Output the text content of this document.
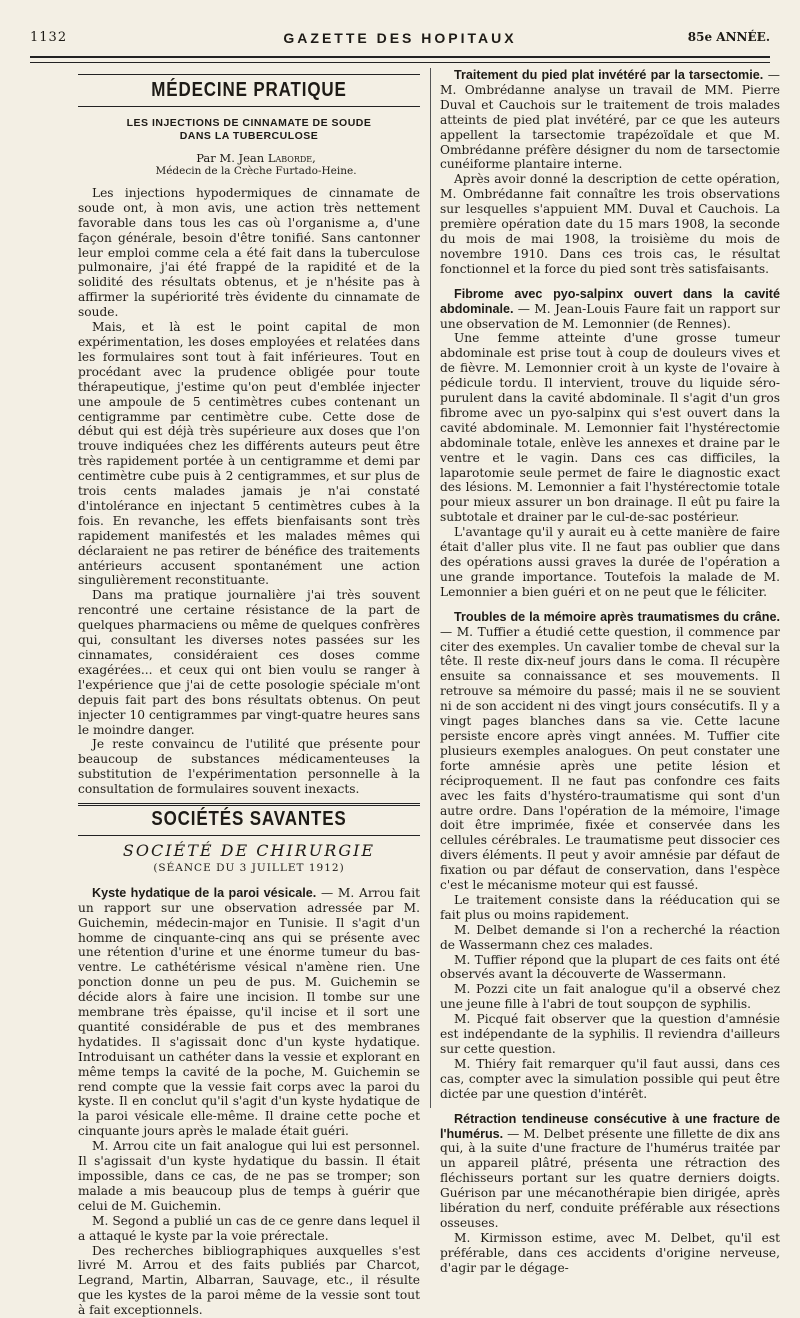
1132	GAZETTE DES HOPITAUX	85e ANNÉE.
MÉDECINE PRATIQUE
LES INJECTIONS DE CINNAMATE DE SOUDE
DANS LA TUBERCULOSE

Par M. Jean Laborde,

Médecin de la Crèche Furtado-Heine.

Les injections hypodermiques de cinnamate de soude ont, à mon avis, une action très nettement favorable dans tous les cas où l'organisme a, d'une façon générale, besoin d'être tonifié. Sans cantonner leur emploi comme cela a été fait dans la tuberculose pulmonaire, j'ai été frappé de la rapidité et de la solidité des résultats obtenus, et je n'hésite pas à affirmer la supériorité très évidente du cinnamate de soude.

Mais, et là est le point capital de mon expérimentation, les doses employées et relatées dans les formulaires sont tout à fait inférieures. Tout en procédant avec la prudence obligée pour toute thérapeutique, j'estime qu'on peut d'emblée injecter une ampoule de 5 centimètres cubes contenant un centigramme par centimètre cube. Cette dose de début qui est déjà très supérieure aux doses que l'on trouve indiquées chez les différents auteurs peut être très rapidement portée à un centigramme et demi par centimètre cube puis à 2 centigrammes, et sur plus de trois cents malades jamais je n'ai constaté d'intolérance en injectant 5 centimètres cubes à la fois. En revanche, les effets bienfaisants sont très rapidement manifestés et les malades mêmes qui déclaraient ne pas retirer de bénéfice des traitements antérieurs accusent spontanément une action singulièrement reconstituante.

Dans ma pratique journalière j'ai très souvent rencontré une certaine résistance de la part de quelques pharmaciens ou même de quelques confrères qui, consultant les diverses notes passées sur les cinnamates, considéraient ces doses comme exagérées... et ceux qui ont bien voulu se ranger à l'expérience que j'ai de cette posologie spéciale m'ont depuis fait part des bons résultats obtenus. On peut injecter 10 centigrammes par vingt-quatre heures sans le moindre danger.

Je reste convaincu de l'utilité que présente pour beaucoup de substances médicamenteuses la substitution de l'expérimentation personnelle à la consultation de formulaires souvent inexacts.

SOCIÉTÉS SAVANTES
SOCIÉTÉ DE CHIRURGIE
(SÉANCE DU 3 JUILLET 1912)

Kyste hydatique de la paroi vésicale. — M. Arrou fait un rapport sur une observation adressée par M. Guichemin, médecin-major en Tunisie. Il s'agit d'un homme de cinquante-cinq ans qui se présente avec une rétention d'urine et une énorme tumeur du bas-ventre. Le cathétérisme vésical n'amène rien. Une ponction donne un peu de pus. M. Guichemin se décide alors à faire une incision. Il tombe sur une membrane très épaisse, qu'il incise et il sort une quantité considérable de pus et des membranes hydatides. Il s'agissait donc d'un kyste hydatique. Introduisant un cathéter dans la vessie et explorant en même temps la cavité de la poche, M. Guichemin se rend compte que la vessie fait corps avec la paroi du kyste. Il en conclut qu'il s'agit d'un kyste hydatique de la paroi vésicale elle-même. Il draine cette poche et cinquante jours après le malade était guéri.

M. Arrou cite un fait analogue qui lui est personnel. Il s'agissait d'un kyste hydatique du bassin. Il était impossible, dans ce cas, de ne pas se tromper; son malade a mis beaucoup plus de temps à guérir que celui de M. Guichemin.

M. Segond a publié un cas de ce genre dans lequel il a attaqué le kyste par la voie prérectale.

Des recherches bibliographiques auxquelles s'est livré M. Arrou et des faits publiés par Charcot, Legrand, Martin, Albarran, Sauvage, etc., il résulte que les kystes de la paroi même de la vessie sont tout à fait exceptionnels.

Traitement du pied plat invétéré par la tarsectomie. — M. Ombrédanne analyse un travail de MM. Pierre Duval et Cauchois sur le traitement de trois malades atteints de pied plat invétéré, par ce que les auteurs appellent la tarsectomie trapézoïdale et que M. Ombrédanne préfère désigner du nom de tarsectomie cunéiforme plantaire interne.

Après avoir donné la description de cette opération, M. Ombrédanne fait connaître les trois observations sur lesquelles s'appuient MM. Duval et Cauchois. La première opération date du 15 mars 1908, la seconde du mois de mai 1908, la troisième du mois de novembre 1910. Dans ces trois cas, le résultat fonctionnel et la force du pied sont très satisfaisants.

Fibrome avec pyo-salpinx ouvert dans la cavité abdominale. — M. Jean-Louis Faure fait un rapport sur une observation de M. Lemonnier (de Rennes).

Une femme atteinte d'une grosse tumeur abdominale est prise tout à coup de douleurs vives et de fièvre. M. Lemonnier croit à un kyste de l'ovaire à pédicule tordu. Il intervient, trouve du liquide séro-purulent dans la cavité abdominale. Il s'agit d'un gros fibrome avec un pyo-salpinx qui s'est ouvert dans la cavité abdominale. M. Lemonnier fait l'hystérectomie abdominale totale, enlève les annexes et draine par le ventre et le vagin. Dans ces cas difficiles, la laparotomie seule permet de faire le diagnostic exact des lésions. M. Lemonnier a fait l'hystérectomie totale pour mieux assurer un bon drainage. Il eût pu faire la subtotale et drainer par le cul-de-sac postérieur.

L'avantage qu'il y aurait eu à cette manière de faire était d'aller plus vite. Il ne faut pas oublier que dans des opérations aussi graves la durée de l'opération a une grande importance. Toutefois la malade de M. Lemonnier a bien guéri et on ne peut que le féliciter.

Troubles de la mémoire après traumatismes du crâne. — M. Tuffier a étudié cette question, il commence par citer des exemples. Un cavalier tombe de cheval sur la tête. Il reste dix-neuf jours dans le coma. Il récupère ensuite sa connaissance et ses mouvements. Il retrouve sa mémoire du passé; mais il ne se souvient ni de son accident ni des vingt jours consécutifs. Il y a vingt pages blanches dans sa vie. Cette lacune persiste encore après vingt années. M. Tuffier cite plusieurs exemples analogues. On peut constater une forte amnésie après une petite lésion et réciproquement. Il ne faut pas confondre ces faits avec les faits d'hystéro-traumatisme qui sont d'un autre ordre. Dans l'opération de la mémoire, l'image doit être imprimée, fixée et conservée dans les cellules cérébrales. Le traumatisme peut dissocier ces divers éléments. Il peut y avoir amnésie par défaut de fixation ou par défaut de conservation, dans l'espèce c'est le mécanisme moteur qui est faussé.

Le traitement consiste dans la rééducation qui se fait plus ou moins rapidement.

M. Delbet demande si l'on a recherché la réaction de Wassermann chez ces malades.

M. Tuffier répond que la plupart de ces faits ont été observés avant la découverte de Wassermann.

M. Pozzi cite un fait analogue qu'il a observé chez une jeune fille à l'abri de tout soupçon de syphilis.

M. Picqué fait observer que la question d'amnésie est indépendante de la syphilis. Il reviendra d'ailleurs sur cette question.

M. Thiéry fait remarquer qu'il faut aussi, dans ces cas, compter avec la simulation possible qui peut être dictée par une question d'intérêt.

Rétraction tendineuse consécutive à une fracture de l'humérus. — M. Delbet présente une fillette de dix ans qui, à la suite d'une fracture de l'humérus traitée par un appareil plâtré, présenta une rétraction des fléchisseurs portant sur les quatre derniers doigts. Guérison par une mécanothérapie bien dirigée, après libération du nerf, conduite préférable aux résections osseuses.

M. Kirmisson estime, avec M. Delbet, qu'il est préférable, dans ces accidents d'origine nerveuse, d'agir par le dégage-
